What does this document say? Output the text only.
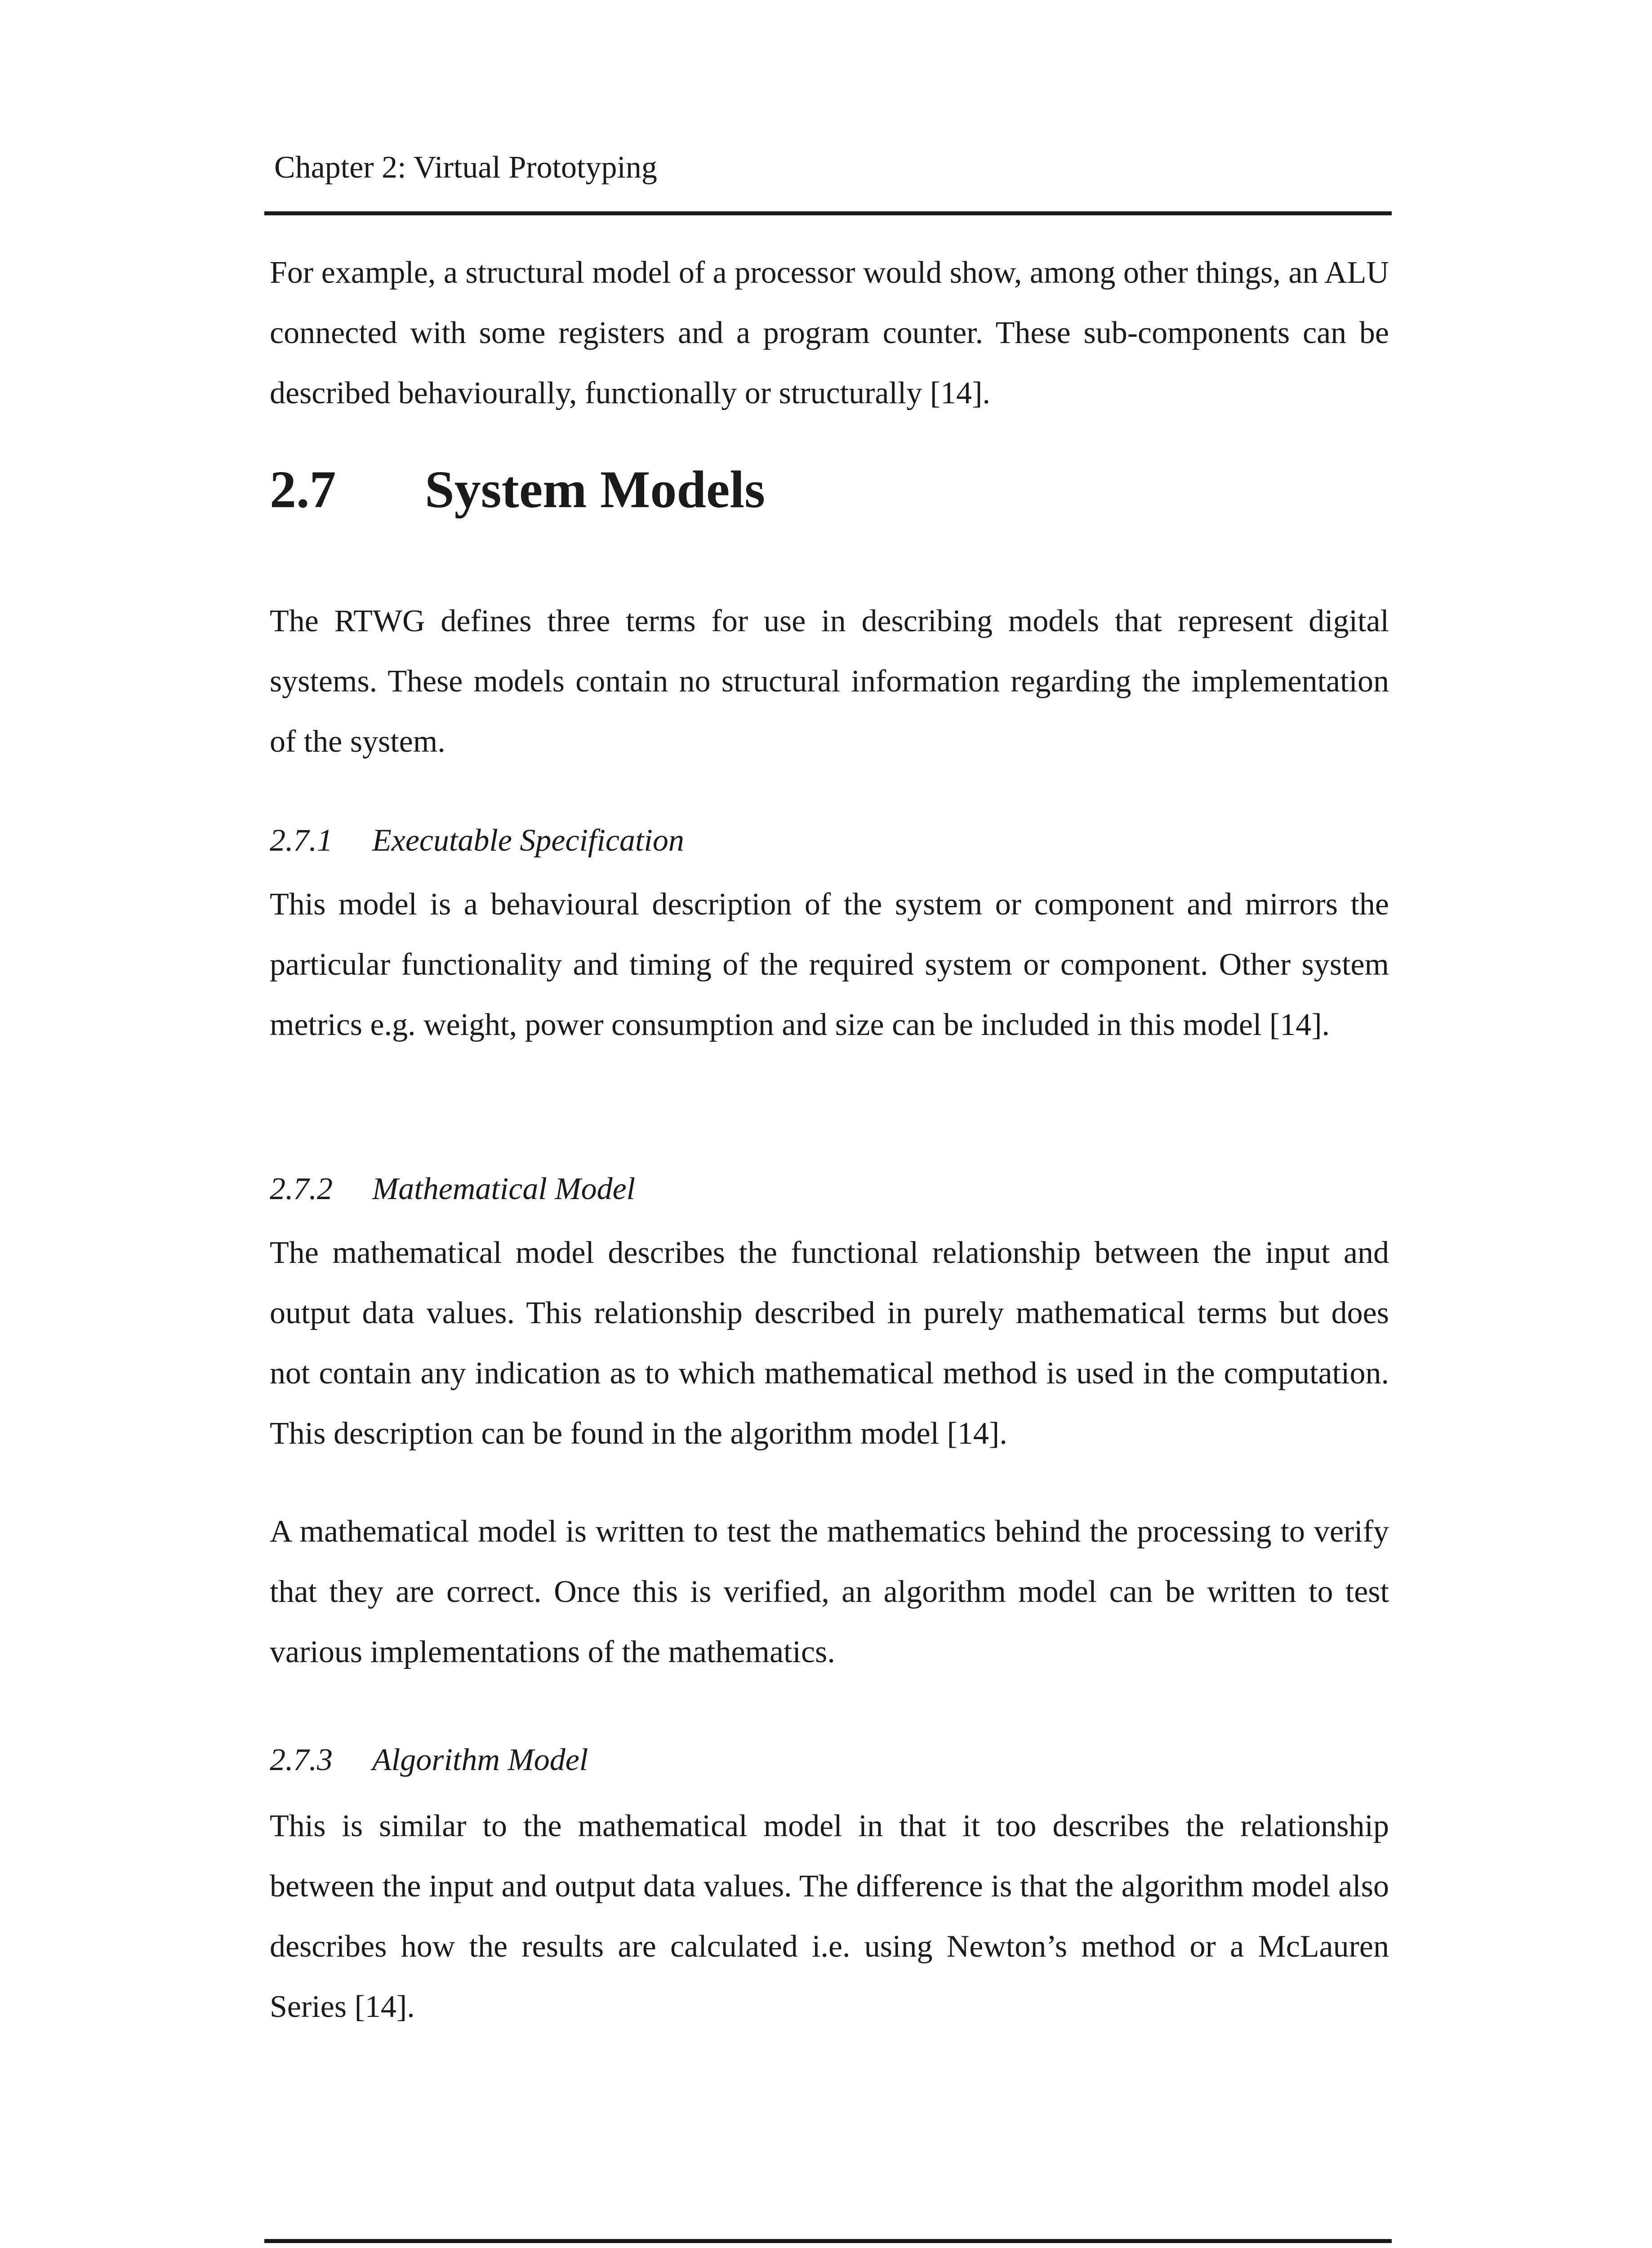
Chapter 2: Virtual Prototyping

For example, a structural model of a processor would show, among other things, an ALU connected with some registers and a program counter. These sub-components can be described behaviourally, functionally or structurally [14].

2.7 System Models

The RTWG defines three terms for use in describing models that represent digital systems. These models contain no structural information regarding the implementation of the system.

2.7.1 Executable Specification

This model is a behavioural description of the system or component and mirrors the particular functionality and timing of the required system or component. Other system metrics e.g. weight, power consumption and size can be included in this model [14].

2.7.2 Mathematical Model

The mathematical model describes the functional relationship between the input and output data values. This relationship described in purely mathematical terms but does not contain any indication as to which mathematical method is used in the computation. This description can be found in the algorithm model [14].

A mathematical model is written to test the mathematics behind the processing to verify that they are correct. Once this is verified, an algorithm model can be written to test various implementations of the mathematics.

2.7.3 Algorithm Model

This is similar to the mathematical model in that it too describes the relationship between the input and output data values. The difference is that the algorithm model also describes how the results are calculated i.e. using Newton’s method or a McLauren Series [14].
